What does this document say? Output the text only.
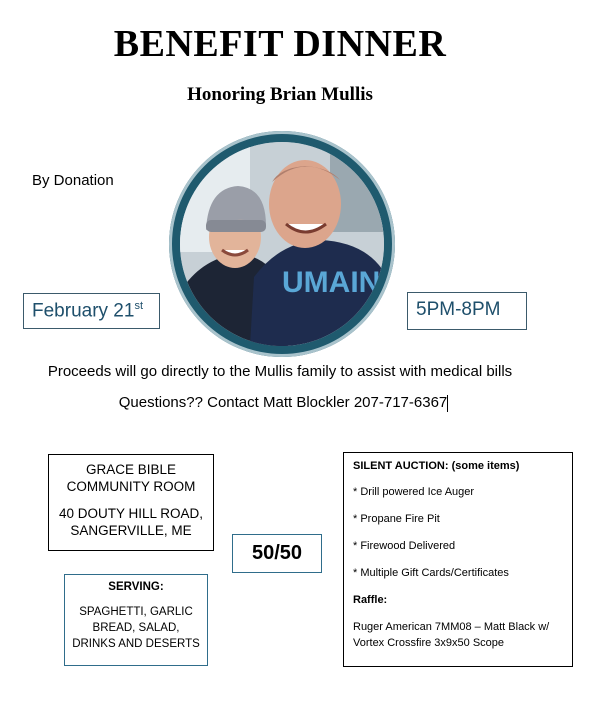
BENEFIT DINNER
Honoring Brian Mullis
By Donation
UMAIN
February 21st	5PM-8PM
Proceeds will go directly to the Mullis family to assist with medical bills
Questions?? Contact Matt Blockler 207-717-6367
GRACE BIBLE
COMMUNITY ROOM
40 DOUTY HILL ROAD,
SANGERVILLE, ME
50/50
SERVING:
SPAGHETTI, GARLIC
BREAD, SALAD,
DRINKS AND DESERTS
SILENT AUCTION: (some items)
* Drill powered Ice Auger
* Propane Fire Pit
* Firewood Delivered
* Multiple Gift Cards/Certificates
Raffle:
Ruger American 7MM08 – Matt Black w/ Vortex Crossfire 3x9x50 Scope
